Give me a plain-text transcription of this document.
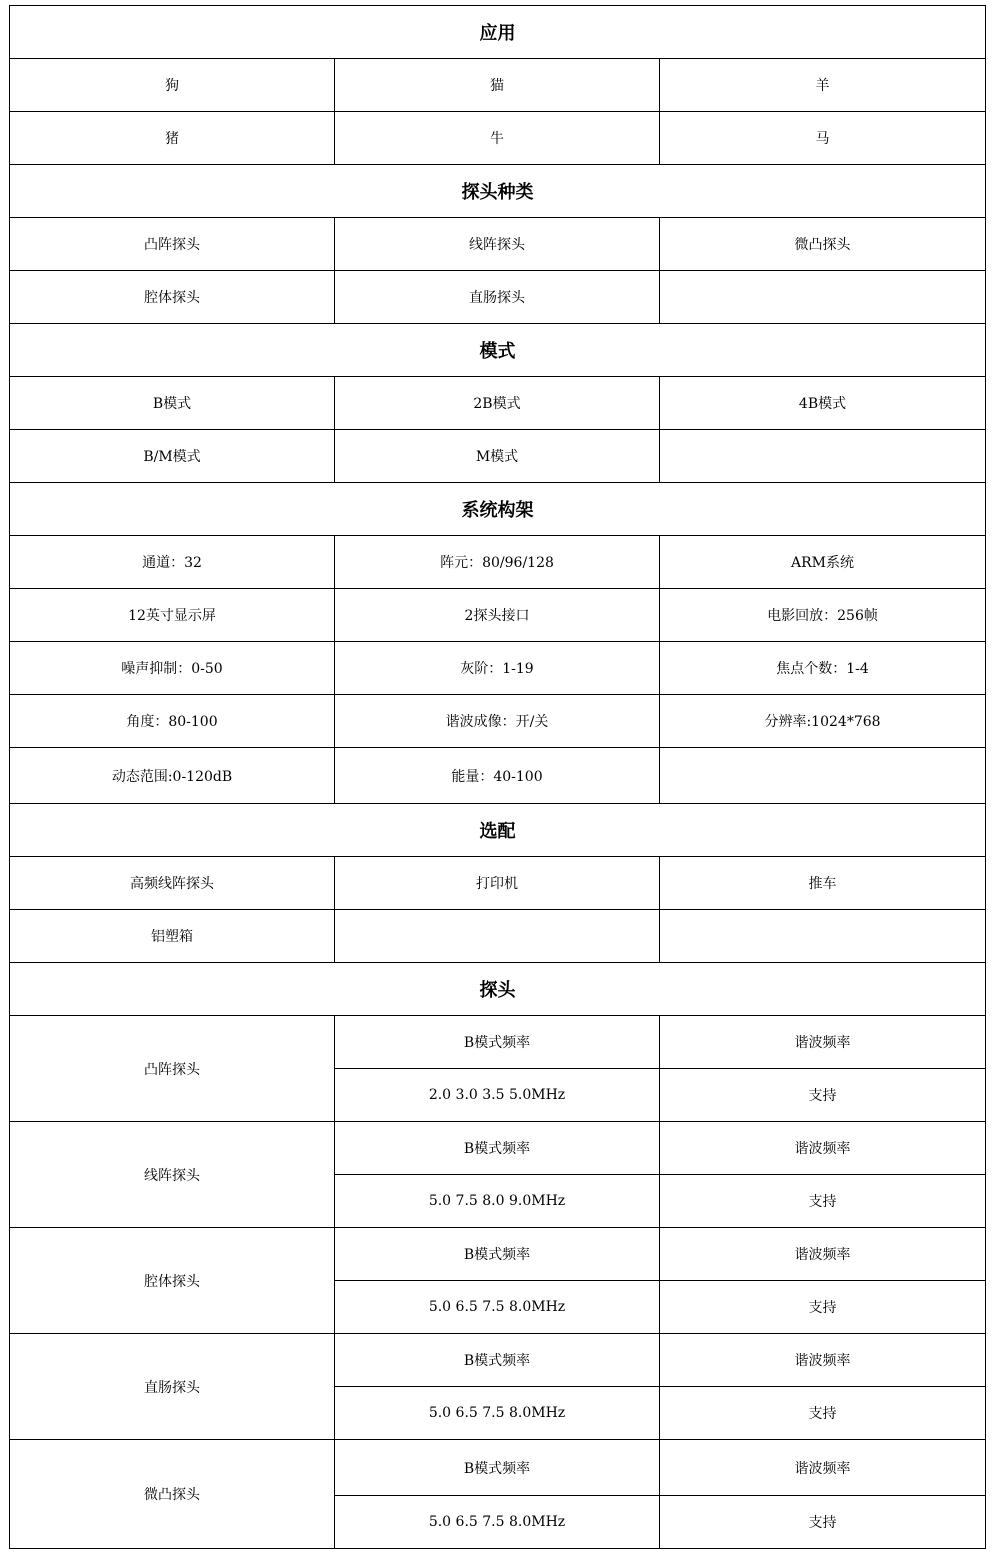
应用		
狗	猫	羊
猪	牛	马
探头种类		
凸阵探头	线阵探头	微凸探头
腔体探头	直肠探头	
模式		
B模式	2B模式	4B模式
B/M模式	M模式	
系统构架		
通道：32	阵元：80/96/128	ARM系统
12英寸显示屏	2探头接口	电影回放：256帧
噪声抑制：0-50	灰阶：1-19	焦点个数：1-4
角度：80-100	谐波成像：开/关	分辨率:1024*768
动态范围:0-120dB	能量：40-100	
选配		
高频线阵探头	打印机	推车
铝塑箱		
探头		
凸阵探头	B模式频率	谐波频率
	2.0 3.0 3.5 5.0MHz	支持
线阵探头	B模式频率	谐波频率
	5.0 7.5 8.0 9.0MHz	支持
腔体探头	B模式频率	谐波频率
	5.0 6.5 7.5 8.0MHz	支持
直肠探头	B模式频率	谐波频率
	5.0 6.5 7.5 8.0MHz	支持
微凸探头	B模式频率	谐波频率
	5.0 6.5 7.5 8.0MHz	支持
